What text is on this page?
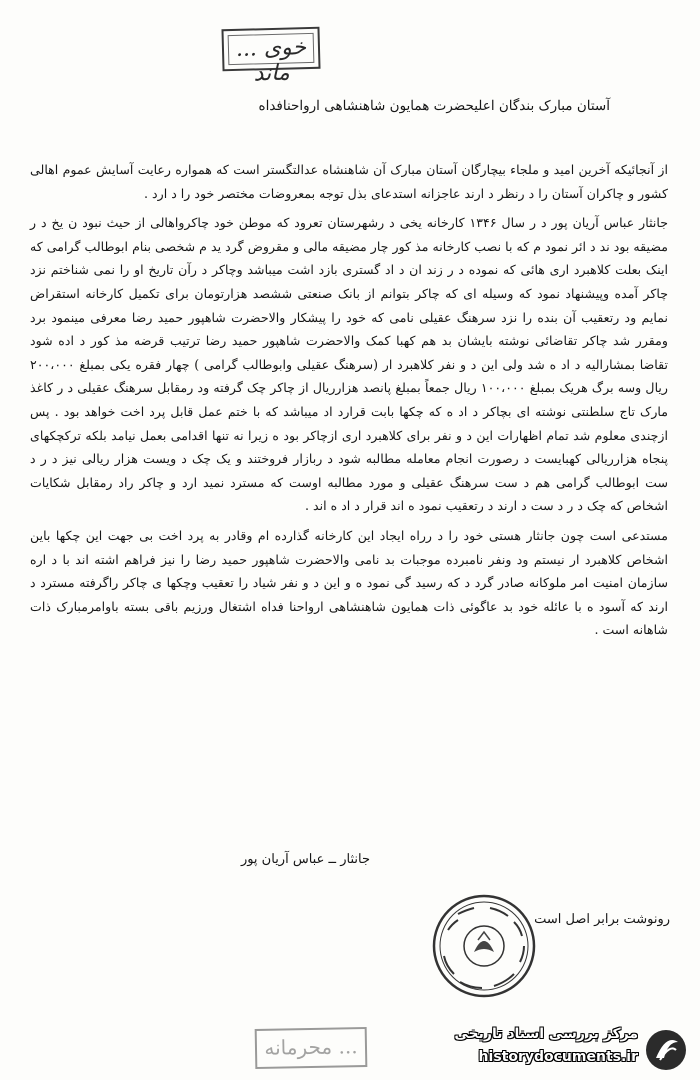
خوی ... ماند
آستان مبارک بندگان اعلیحضرت همایون شاهنشاهی ارواحنافداه

از آنجائیکه آخرین امید و ملجاء بیچارگان آستان مبارک آن شاهنشاه عدالتگستر است که همواره رعایت آسایش عموم اهالی کشور و چاکران آستان را د رنظر د ارند عاجزانه استدعای بذل توجه بمعروضات مختصر خود را د ارد .

جانثار عباس آریان پور د ر سال ۱۳۴۶ کارخانه یخی د رشهرستان تعرود که موطن خود چاکرواهالی از حیث نبود ن یخ د ر مضیقه بود ند د ائر نمود م که با نصب کارخانه مذ کور چار مضیقه مالی و مقروض گرد ید م شخصی بنام ابوطالب گرامی که اینک بعلت کلاهبرد اری هائی که نموده د ر زند ان د اد گستری بازد اشت میباشد وچاکر د رآن تاریخ او را نمی شناختم نزد چاکر آمده وپیشنهاد نمود که وسیله ای که چاکر بتوانم از بانک صنعتی ششصد هزارتومان برای تکمیل کارخانه استقراض نمایم ود رتعقیب آن بنده را نزد سرهنگ عقیلی نامی که خود را پیشکار والاحضرت شاهپور حمید رضا معرفی مینمود برد ومقرر شد چاکر تقاضائی نوشته بایشان بد هم کهبا کمک والاحضرت شاهپور حمید رضا ترتیب قرضه مذ کور د اده شود تقاضا بمشارالیه د اد ه شد ولی این د و نفر کلاهبرد ار (سرهنگ عقیلی وابوطالب گرامی ) چهار فقره یکی بمبلغ ۲۰۰،۰۰۰ ریال وسه برگ هریک بمبلغ ۱۰۰،۰۰۰ ریال جمعاً بمبلغ پانصد هزارریال از چاکر چک گرفته ود رمقابل سرهنگ عقیلی د ر کاغذ مارک تاج سلطنتی نوشته ای بچاکر د اد ه که چکها بابت قرارد اد میباشد که با ختم عمل قابل پرد اخت خواهد بود . پس ازچندی معلوم شد تمام اظهارات این د و نفر برای کلاهبرد اری ازچاکر بود ه زیرا نه تنها اقدامی بعمل نیامد بلکه ترکچکهای پنجاه هزارریالی کهبایست د رصورت انجام معامله مطالبه شود د ربازار فروختند و یک چک د ویست هزار ریالی نیز د ر د ست ابوطالب گرامی هم د ست سرهنگ عقیلی و مورد مطالبه اوست که مسترد نمید ارد و چاکر راد رمقابل شکایات اشخاص که چک د ر د ست د ارند د رتعقیب نمود ه اند قرار د اد ه اند .

مستدعی است چون جانثار هستی خود را د رراه ایجاد این کارخانه گذارده ام وقادر به پرد اخت بی جهت این چکها باین اشخاص کلاهبرد ار نیستم ود ونفر نامبرده موجبات بد نامی والاحضرت شاهپور حمید رضا را نیز فراهم اشته اند با د اره سازمان امنیت امر ملوکانه صادر گرد د که رسید گی نمود ه و این د و نفر شیاد را تعقیب وچکها ی چاکر راگرفته مسترد د ارند که آسود ه با عائله خود بد عاگوئی ذات همایون شاهنشاهی ارواحنا فداه اشتغال ورزیم باقی بسته باوامرمبارک ذات شاهانه است .

جانثار ــ عباس آریان پور
رونوشت برابر اصل است
... محرمانه
مرکز بررسی اسناد تاریخی
historydocuments.ir
